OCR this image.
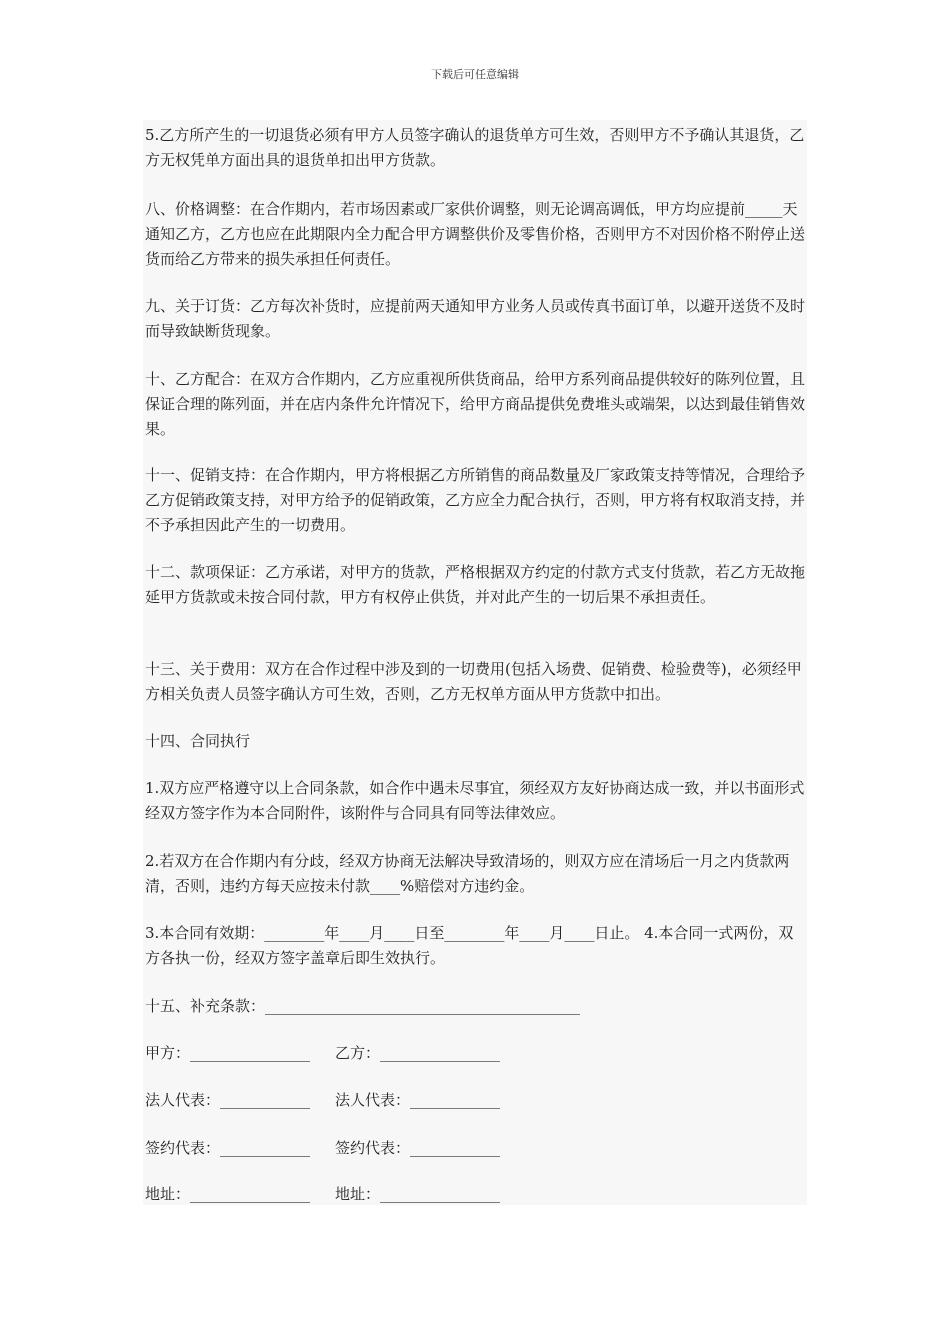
下载后可任意编辑

5.乙方所产生的一切退货必须有甲方人员签字确认的退货单方可生效，否则甲方不予确认其退货，乙方无权凭单方面出具的退货单扣出甲方货款。

八、价格调整：在合作期内，若市场因素或厂家供价调整，则无论调高调低，甲方均应提前_____天通知乙方，乙方也应在此期限内全力配合甲方调整供价及零售价格，否则甲方不对因价格不附停止送货而给乙方带来的损失承担任何责任。

九、关于订货：乙方每次补货时，应提前两天通知甲方业务人员或传真书面订单，以避开送货不及时而导致缺断货现象。

十、乙方配合：在双方合作期内，乙方应重视所供货商品，给甲方系列商品提供较好的陈列位置，且保证合理的陈列面，并在店内条件允许情况下，给甲方商品提供免费堆头或端架，以达到最佳销售效果。

十一、促销支持：在合作期内，甲方将根据乙方所销售的商品数量及厂家政策支持等情况，合理给予乙方促销政策支持，对甲方给予的促销政策，乙方应全力配合执行，否则，甲方将有权取消支持，并不予承担因此产生的一切费用。

十二、款项保证：乙方承诺，对甲方的货款，严格根据双方约定的付款方式支付货款，若乙方无故拖延甲方货款或未按合同付款，甲方有权停止供货，并对此产生的一切后果不承担责任。

十三、关于费用：双方在合作过程中涉及到的一切费用(包括入场费、促销费、检验费等)，必须经甲方相关负责人员签字确认方可生效，否则，乙方无权单方面从甲方货款中扣出。

十四、合同执行

1.双方应严格遵守以上合同条款，如合作中遇未尽事宜，须经双方友好协商达成一致，并以书面形式经双方签字作为本合同附件，该附件与合同具有同等法律效应。

2.若双方在合作期内有分歧，经双方协商无法解决导致清场的，则双方应在清场后一月之内货款两清，否则，违约方每天应按未付款____%赔偿对方违约金。

3.本合同有效期：________年____月____日至________年____月____日止。 4.本合同一式两份，双方各执一份，经双方签字盖章后即生效执行。

十五、补充条款：__________________________________________

甲方：________________ 乙方：________________
法人代表：____________ 法人代表：____________
签约代表：____________ 签约代表：____________
地址：________________ 地址：________________
